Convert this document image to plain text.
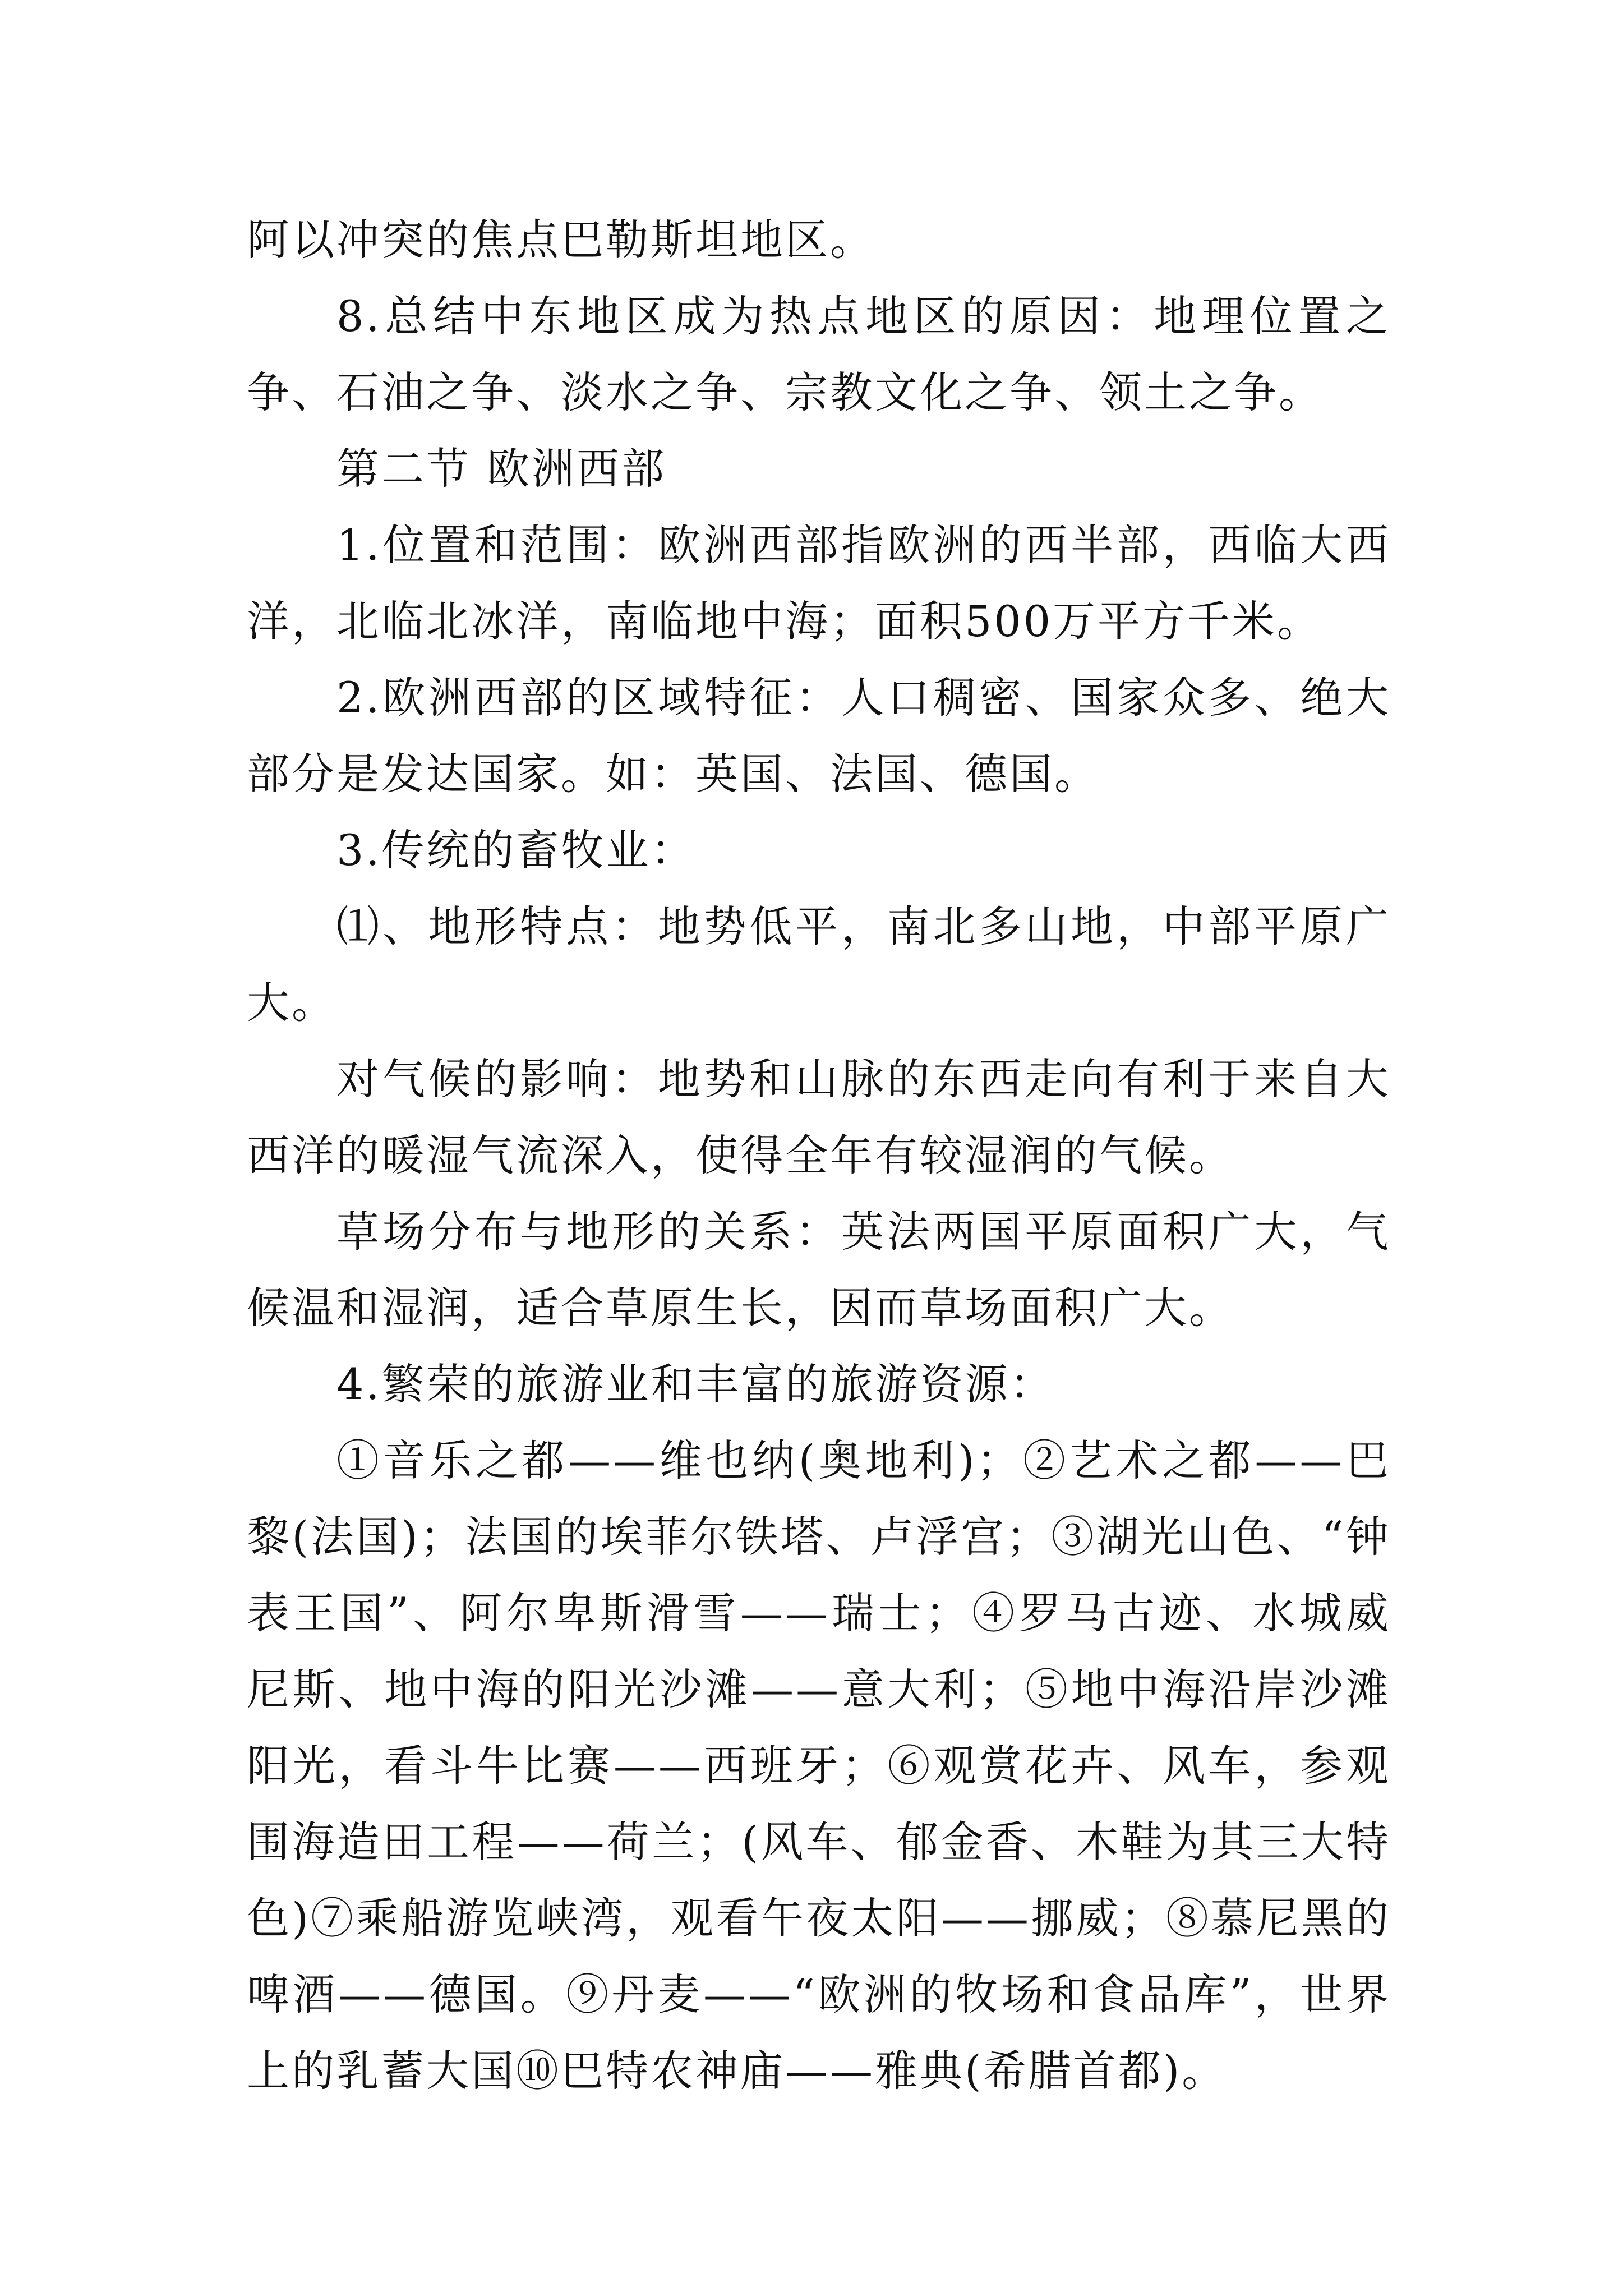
阿以冲突的焦点巴勒斯坦地区。

8.总结中东地区成为热点地区的原因：地理位置之争、石油之争、淡水之争、宗教文化之争、领土之争。

第二节 欧洲西部

1.位置和范围：欧洲西部指欧洲的西半部，西临大西洋，北临北冰洋，南临地中海；面积500万平方千米。

2.欧洲西部的区域特征：人口稠密、国家众多、绝大部分是发达国家。如：英国、法国、德国。

3.传统的畜牧业：

⑴、地形特点：地势低平，南北多山地，中部平原广大。

对气候的影响：地势和山脉的东西走向有利于来自大西洋的暖湿气流深入，使得全年有较湿润的气候。

草场分布与地形的关系：英法两国平原面积广大，气候温和湿润，适合草原生长，因而草场面积广大。

4.繁荣的旅游业和丰富的旅游资源：

①音乐之都——维也纳(奥地利)；②艺术之都——巴黎(法国)；法国的埃菲尔铁塔、卢浮宫；③湖光山色、“钟表王国”、阿尔卑斯滑雪——瑞士；④罗马古迹、水城威尼斯、地中海的阳光沙滩——意大利；⑤地中海沿岸沙滩阳光，看斗牛比赛——西班牙；⑥观赏花卉、风车，参观围海造田工程——荷兰；(风车、郁金香、木鞋为其三大特色)⑦乘船游览峡湾，观看午夜太阳——挪威；⑧慕尼黑的啤酒——德国。⑨丹麦——“欧洲的牧场和食品库”，世界上的乳蓄大国⑩巴特农神庙——雅典(希腊首都)。
